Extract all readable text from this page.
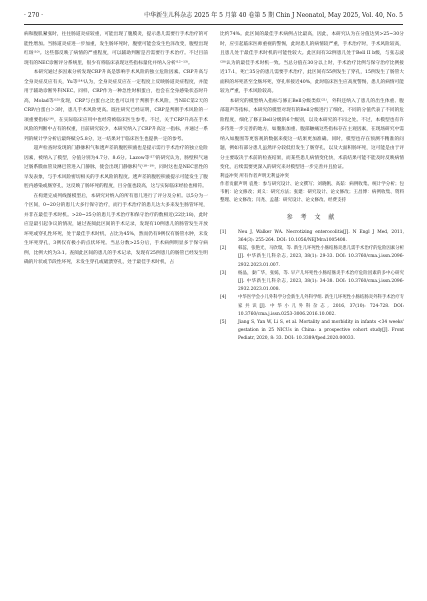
· 270 ·	中华新生儿科杂志 2025 年 5 月第 40 卷第 5 期 Chin J Neonatol, May 2025, Vol. 40, No. 5

病和腹肌紧张时，往往肠道炎症较重，可能出现了腹膜炎，提示患儿需要行手术治疗的可能性增加。当肠道炎症进一步加重，发生肠坏死时，腹壁可能会发生色泽改变，腹壁出现红斑⁽¹⁰⁾。这些都反映了病情的严重程度，可以辅助判断是否需要行手术治疗。不过目前现有的NEC诊断评分系统里，很少有将临床表现这些指标量化并纳入分析⁽¹²⁻¹³⁾。

本研究通过多因素分析发现CRP升高是影响手术风险的独立危险因素。CRP升高与全身炎症反应有关，Yu等⁽¹⁴⁾认为，全身炎症反应在一定程度上反映肠道炎症程度，并能用于辅助诊断外科NEC。同样，CRP作为一种急性时相蛋白，也会在全身感染状态时升高，Molad等⁽¹⁵⁾发现，CRP与白蛋白之比也可以用于判断手术风险，当NEC第2天的CRP/白蛋白＞3时，患儿手术风险更高。既往研究已经证明，CRP是判断手术风险的一项重要指标⁽¹⁶⁾，在实际临床应用中也经常被临床医生参考。不过，关于CRP升高在手术风险的判断中占有的权重，目前研究较少，本研究纳入了CRP升高这一指标，并通过一系列的统计学分析后最终赋分5.8分，这一结果对于临床医生也提供一定的参考。

超声检查时发现的门静脉积气和透声差的腹腔积液也是提示需行手术治疗的独立危险因素，被纳入了模型，分值分别为4.7分、8.6分。Lazow等⁽¹⁷⁾的研究认为，肠壁积气通过肠系膜血管及淋巴管进入门静脉，使会出现门静脉积气⁽¹⁸⁻¹⁹⁾，同时这也是NEC恶性的早发表象，与手术风险密切相关的手术风险的程度。透声差的腹腔积液提示可能发生了腹腔内感染或肠穿孔，这反映了肠坏死的程度，目分值也较高，这与实际临床经验也相符。

在构建完成列线图模型后，本研究对纳入的所有患儿进行了评分及分析。以5分为一个区间，0~20分的患儿大多行保守治疗，而行手术治疗的患儿达大多来发生肠管坏死，并非在最佳手术时机。>20~25分的患儿手术治疗和保守治疗的数相近(22比18)，此时应是最引起争议的情况，通过查阅此区间的手术记录，发现有10例患儿的肠管发生开放坏死或穿孔性坏死，处于最佳手术时机，占比为45%，然而仍有9例仅有肠管水肿，未发生坏死穿孔，3例仅有极小的点状坏死。当总分数>25分后，手术病例明显多于保守病例，比例大约为3:1。查阅此区间的患儿的手术记录，发现有25例患儿的肠管已经发生明确的片状或节段性坏死，未发生穿孔或破溃穿孔，处于最佳手术时机，占

比约74%。此区间的最佳手术病例占比最高，因此，本研究认为在分值达到>25~30分时，应引起临床医师重视的警惕，此时患儿的病情较严重，手术治疗时，手术风险较高，且患儿处于最佳手术时机的可能性较大。此区间有32例患儿处于Bell II b级，与张志波⁽²⁰⁾认为的最佳手术时机一致。当总分值在30分以上时，手术治疗比例与保守治疗比例接近17:1，死亡35分的患儿需要手术治疗，此区间有55例发生了穿孔，15例发生了肠管大面积的坏死甚至全肠坏死，穿孔率接近40%，此时临床医生应高度警惕，患儿的病情可能较为严重，手术风险较高。

本研究的模型纳入指标与修正Bell分级类似⁽²¹⁾，外科还纳入了患儿的出生体重、腹部超声等指标，本研究的模型对现有的Bell分级进行了细化，不同的分值代表了不同的危险程度，细化了修正Bell分级的6个级别，以及本研究的不同之处。不过，本模型也有许多待进一步完善的地方，如腹胀加重、腹部触痛这些指标存在主观因素，在现场研究中需纳入如腹围等更客观的数据来使这一结果更加准确。同时，模型也存在预测不精准的问题，例如有部分患儿虽然评分较低但发生了肠穿孔，以及大面积肠坏死，这可能是由于评分主要取决于术前的检查结果，而某些患儿病情变化快，术前结果可能不能及时反映病情变化，后续需要更深入的研究来对模型进一步完善并且验证。

利益冲突 所有作者声明无利益冲突

作者贡献声明 袁胜：参与研究设计、论文撰写；刘晓帆、高茹：病例收集、统计学分析；包韦帆：论文修改；刘义：研究方法；张建：研究设计、论文修改；王昌博：病例收集、资料整理、论文修改；闫尧、孟越：研究设计、论文修改、经费支持

参 考 文 献
[1]	Neu J, Walker WA. Necrotizing enterocolitis[J]. N Engl J Med, 2011, 364(3): 255-264. DOI: 10.1056/NEJMra1005408.
[2]	韩蕊，张艳光，马欣瑞，等. 新生儿坏死性小肠结肠炎患儿需手术治疗的危险因素分析[J]. 中华新生儿科杂志, 2023, 38(1): 29-33. DOI: 10.3760/cma.j.issn.2096-2932.2023.01.007.
[3]	杨晶，秦广华，张嫣，等. 早产儿坏死性小肠结肠炎手术治疗危险因素的多中心研究[J]. 中华新生儿科杂志, 2023, 38(1): 34-38. DOI: 10.3760/cma.j.issn.2096-2932.2023.01.008.
[4]	中华医学会小儿外科学分会新生儿外科学组. 新生儿坏死性小肠结肠炎外科手术治疗专家共识[J]. 中华小儿外科杂志, 2016, 37(10): 724-728. DOI: 10.3760/cma.j.issn.0253-3006.2016.10.002.
[5]	Jiang S, Yan W, Li S, et al. Mortality and morbidity in infants <34 weeks' gestation in 25 NICUs in China: a prospective cohort study[J]. Front Pediatr, 2020, 8: 33. DOI: 10.3389/fped.2020.00033.
